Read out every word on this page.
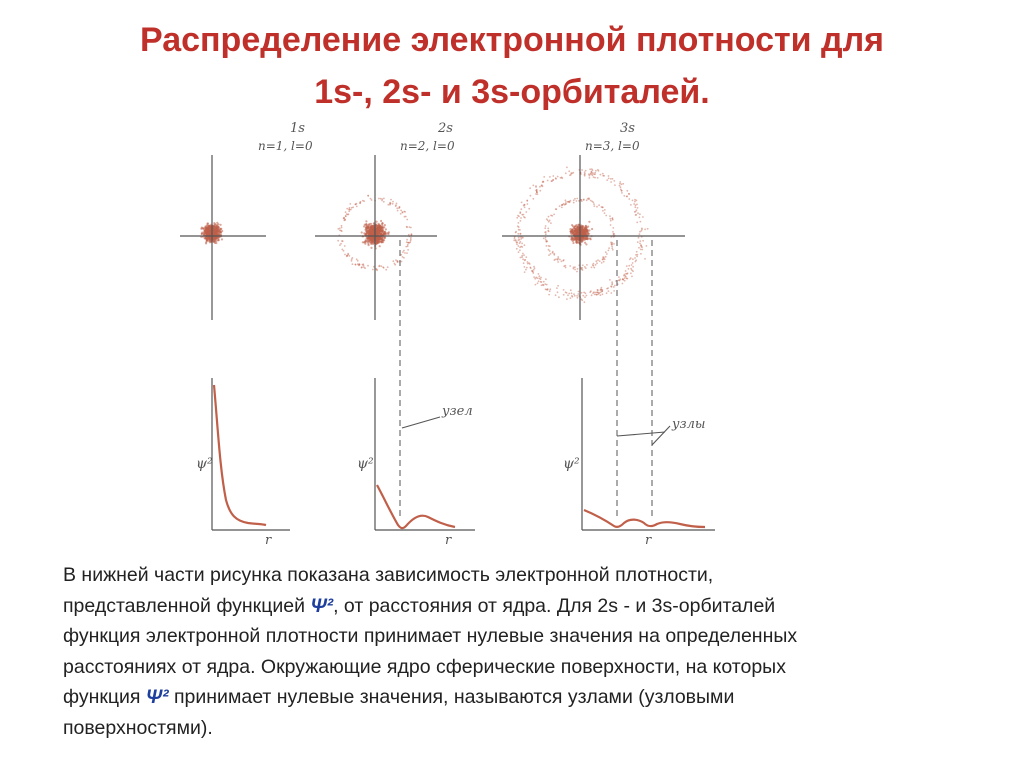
Распределение электронной плотности для
1s-, 2s- и 3s-орбиталей.
1s
n=1, l=0
ψ²
r
2s
n=2, l=0
узел
ψ²
r
3s
n=3, l=0
узлы
ψ²
r
В нижней части рисунка показана зависимость электронной плотности,
представленной функцией Ψ², от расстояния от ядра. Для 2s - и 3s-орбиталей
функция электронной плотности принимает нулевые значения на определенных
расстояниях от ядра. Окружающие ядро сферические поверхности, на которых
функция Ψ² принимает нулевые значения, называются узлами (узловыми
поверхностями).
